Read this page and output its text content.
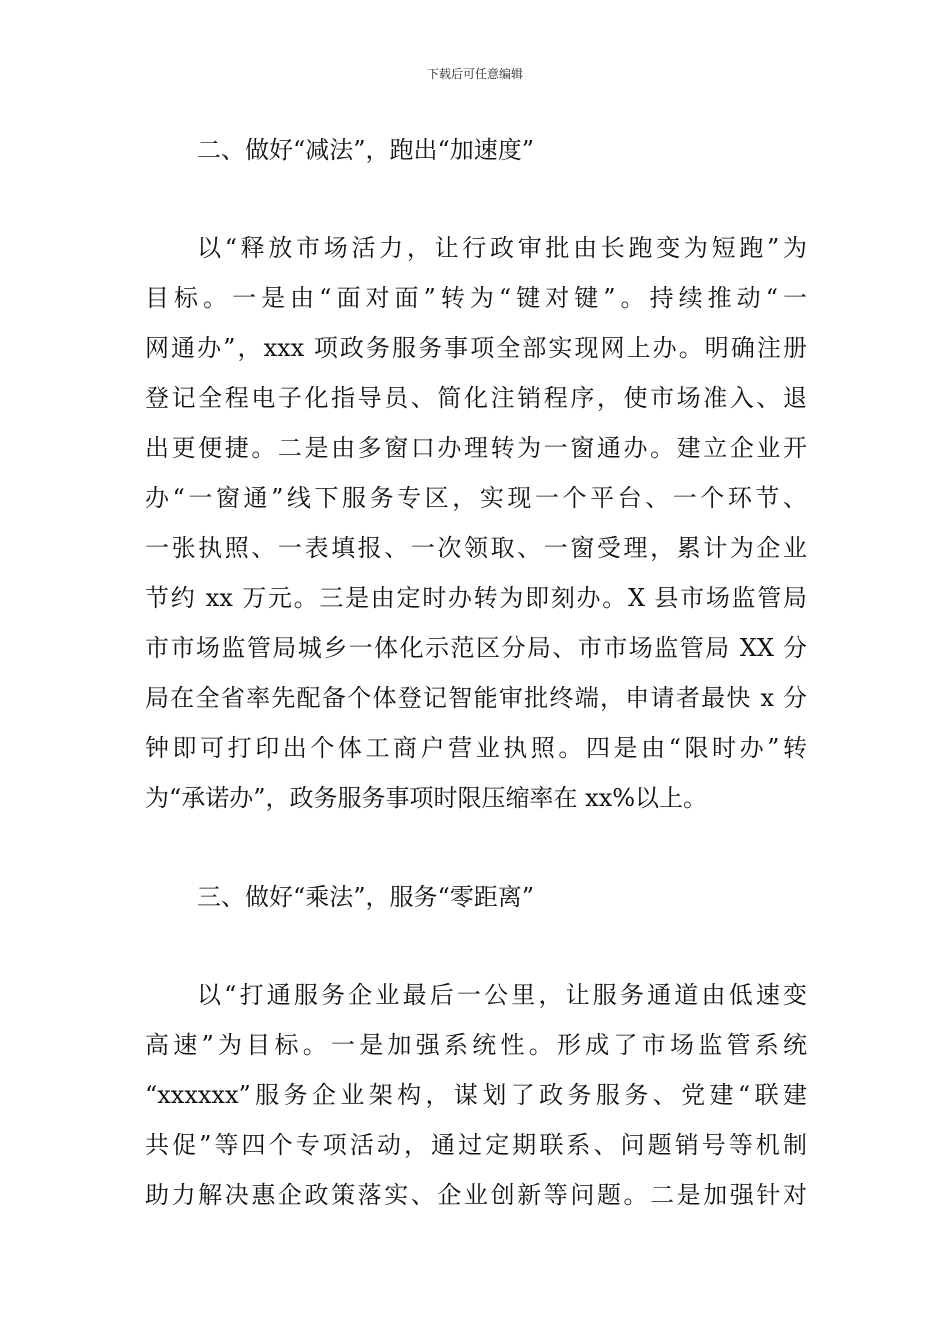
下载后可任意编辑
二、做好“减法”，跑出“加速度”
以“释放市场活力，让行政审批由长跑变为短跑”为
目标。一是由“面对面”转为“键对键”。持续推动“一
网通办”，xxx 项政务服务事项全部实现网上办。明确注册
登记全程电子化指导员、简化注销程序，使市场准入、退
出更便捷。二是由多窗口办理转为一窗通办。建立企业开
办“一窗通”线下服务专区，实现一个平台、一个环节、
一张执照、一表填报、一次领取、一窗受理，累计为企业
节约 xx 万元。三是由定时办转为即刻办。X 县市场监管局
市市场监管局城乡一体化示范区分局、市市场监管局 XX 分
局在全省率先配备个体登记智能审批终端，申请者最快 x 分
钟即可打印出个体工商户营业执照。四是由“限时办”转
为“承诺办”，政务服务事项时限压缩率在 xx%以上。
三、做好“乘法”，服务“零距离”
以“打通服务企业最后一公里，让服务通道由低速变
高速”为目标。一是加强系统性。形成了市场监管系统
“xxxxxx”服务企业架构，谋划了政务服务、党建“联建
共促”等四个专项活动，通过定期联系、问题销号等机制
助力解决惠企政策落实、企业创新等问题。二是加强针对
